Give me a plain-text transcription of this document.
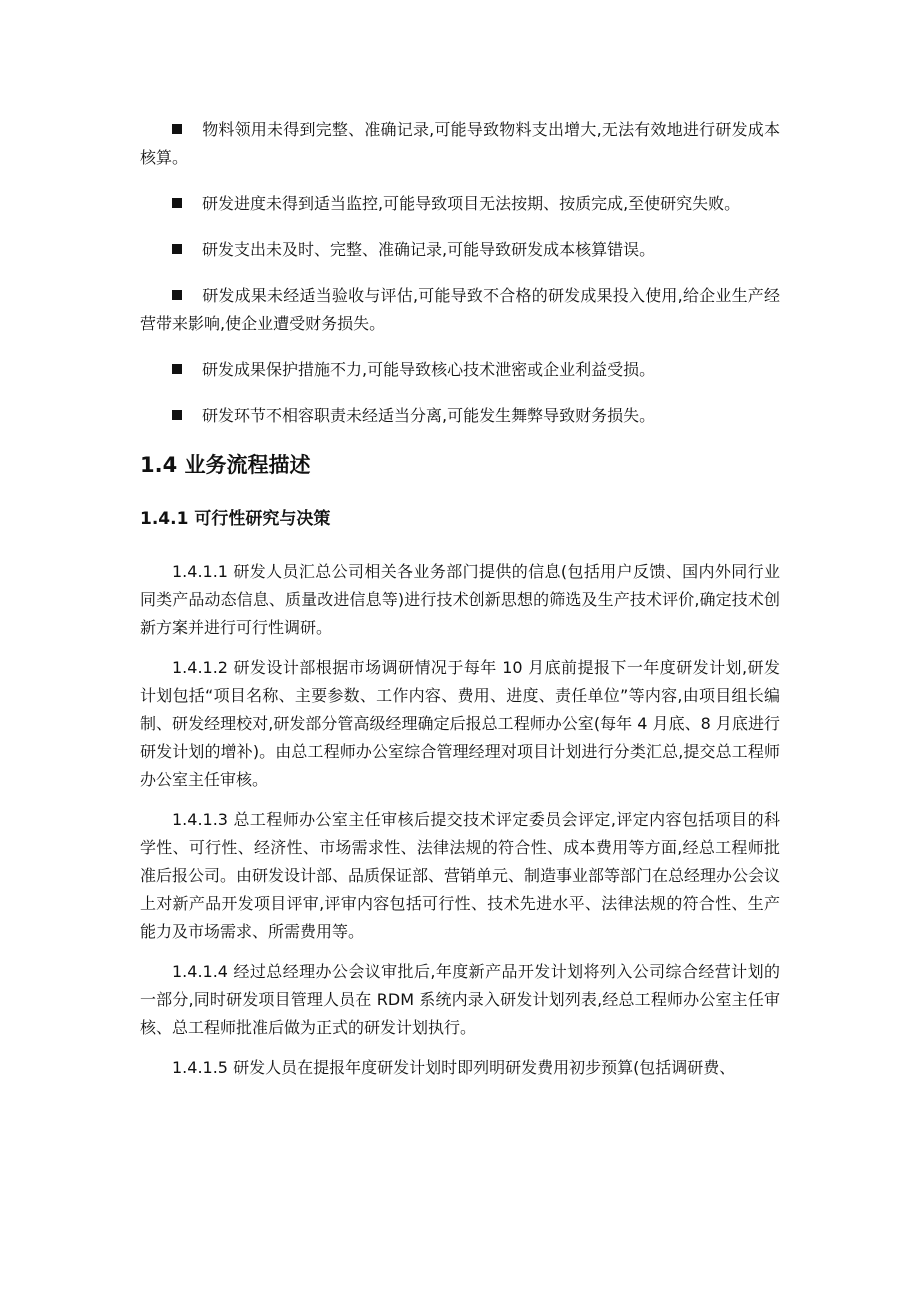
物料领用未得到完整、准确记录,可能导致物料支出增大,无法有效地进行研发成本核算。

研发进度未得到适当监控,可能导致项目无法按期、按质完成,至使研究失败。

研发支出未及时、完整、准确记录,可能导致研发成本核算错误。

研发成果未经适当验收与评估,可能导致不合格的研发成果投入使用,给企业生产经营带来影响,使企业遭受财务损失。

研发成果保护措施不力,可能导致核心技术泄密或企业利益受损。

研发环节不相容职责未经适当分离,可能发生舞弊导致财务损失。

1.4 业务流程描述

1.4.1 可行性研究与决策

1.4.1.1 研发人员汇总公司相关各业务部门提供的信息(包括用户反馈、国内外同行业同类产品动态信息、质量改进信息等)进行技术创新思想的筛选及生产技术评价,确定技术创新方案并进行可行性调研。

1.4.1.2 研发设计部根据市场调研情况于每年 10 月底前提报下一年度研发计划,研发计划包括“项目名称、主要参数、工作内容、费用、进度、责任单位”等内容,由项目组长编制、研发经理校对,研发部分管高级经理确定后报总工程师办公室(每年 4 月底、8 月底进行研发计划的增补)。由总工程师办公室综合管理经理对项目计划进行分类汇总,提交总工程师办公室主任审核。

1.4.1.3 总工程师办公室主任审核后提交技术评定委员会评定,评定内容包括项目的科学性、可行性、经济性、市场需求性、法律法规的符合性、成本费用等方面,经总工程师批准后报公司。由研发设计部、品质保证部、营销单元、制造事业部等部门在总经理办公会议上对新产品开发项目评审,评审内容包括可行性、技术先进水平、法律法规的符合性、生产能力及市场需求、所需费用等。

1.4.1.4 经过总经理办公会议审批后,年度新产品开发计划将列入公司综合经营计划的一部分,同时研发项目管理人员在 RDM 系统内录入研发计划列表,经总工程师办公室主任审核、总工程师批准后做为正式的研发计划执行。

1.4.1.5 研发人员在提报年度研发计划时即列明研发费用初步预算(包括调研费、
